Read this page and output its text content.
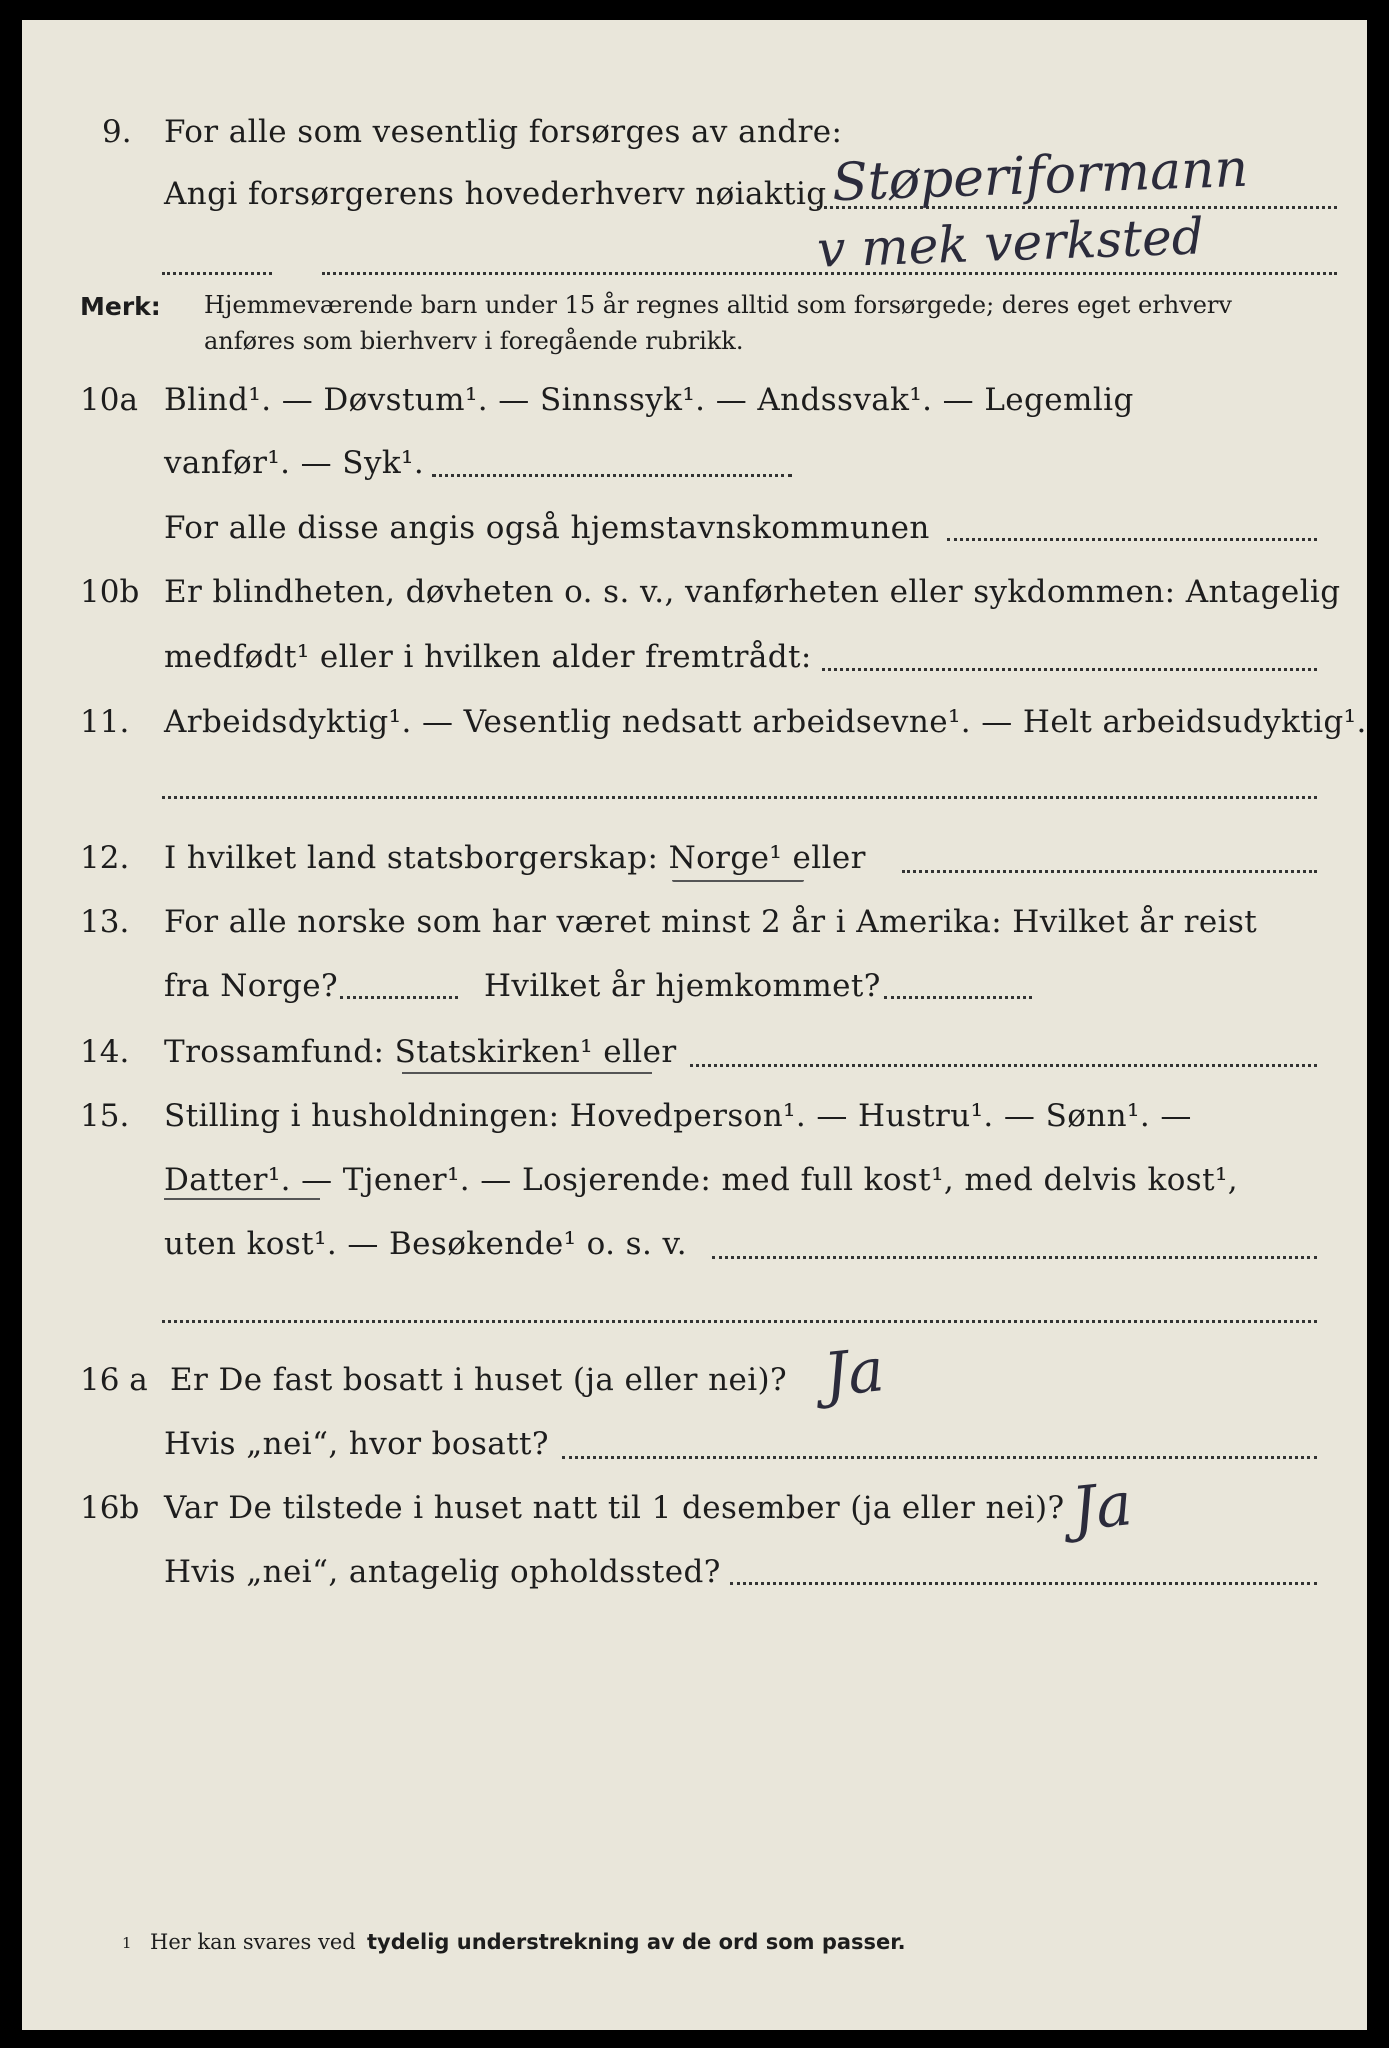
9. For alle som vesentlig forsørges av andre:
Angi forsørgerens hovederhverv nøiaktig Støperiformann
v mek verksted
Merk: Hjemmeværende barn under 15 år regnes alltid som forsørgede; deres eget erhverv
anføres som bierhverv i foregående rubrikk.
10a Blind¹. — Døvstum¹. — Sinnssyk¹. — Andssvak¹. — Legemlig
vanfør¹. — Syk¹.
For alle disse angis også hjemstavnskommunen
10b Er blindheten, døvheten o. s. v., vanførheten eller sykdommen: Antagelig
medfødt¹ eller i hvilken alder fremtrådt:
11. Arbeidsdyktig¹. — Vesentlig nedsatt arbeidsevne¹. — Helt arbeidsudyktig¹.
12. I hvilket land statsborgerskap: Norge¹ eller
13. For alle norske som har været minst 2 år i Amerika: Hvilket år reist
fra Norge?	Hvilket år hjemkommet?
14. Trossamfund: Statskirken¹ eller
15. Stilling i husholdningen: Hovedperson¹. — Hustru¹. — Sønn¹. —
Datter¹. — Tjener¹. — Losjerende: med full kost¹, med delvis kost¹,
uten kost¹. — Besøkende¹ o. s. v.
16 a Er De fast bosatt i huset (ja eller nei)? Ja
Hvis „nei“, hvor bosatt?
16b Var De tilstede i huset natt til 1 desember (ja eller nei)? Ja
Hvis „nei“, antagelig opholdssted?
1 Her kan svares ved tydelig understrekning av de ord som passer.
